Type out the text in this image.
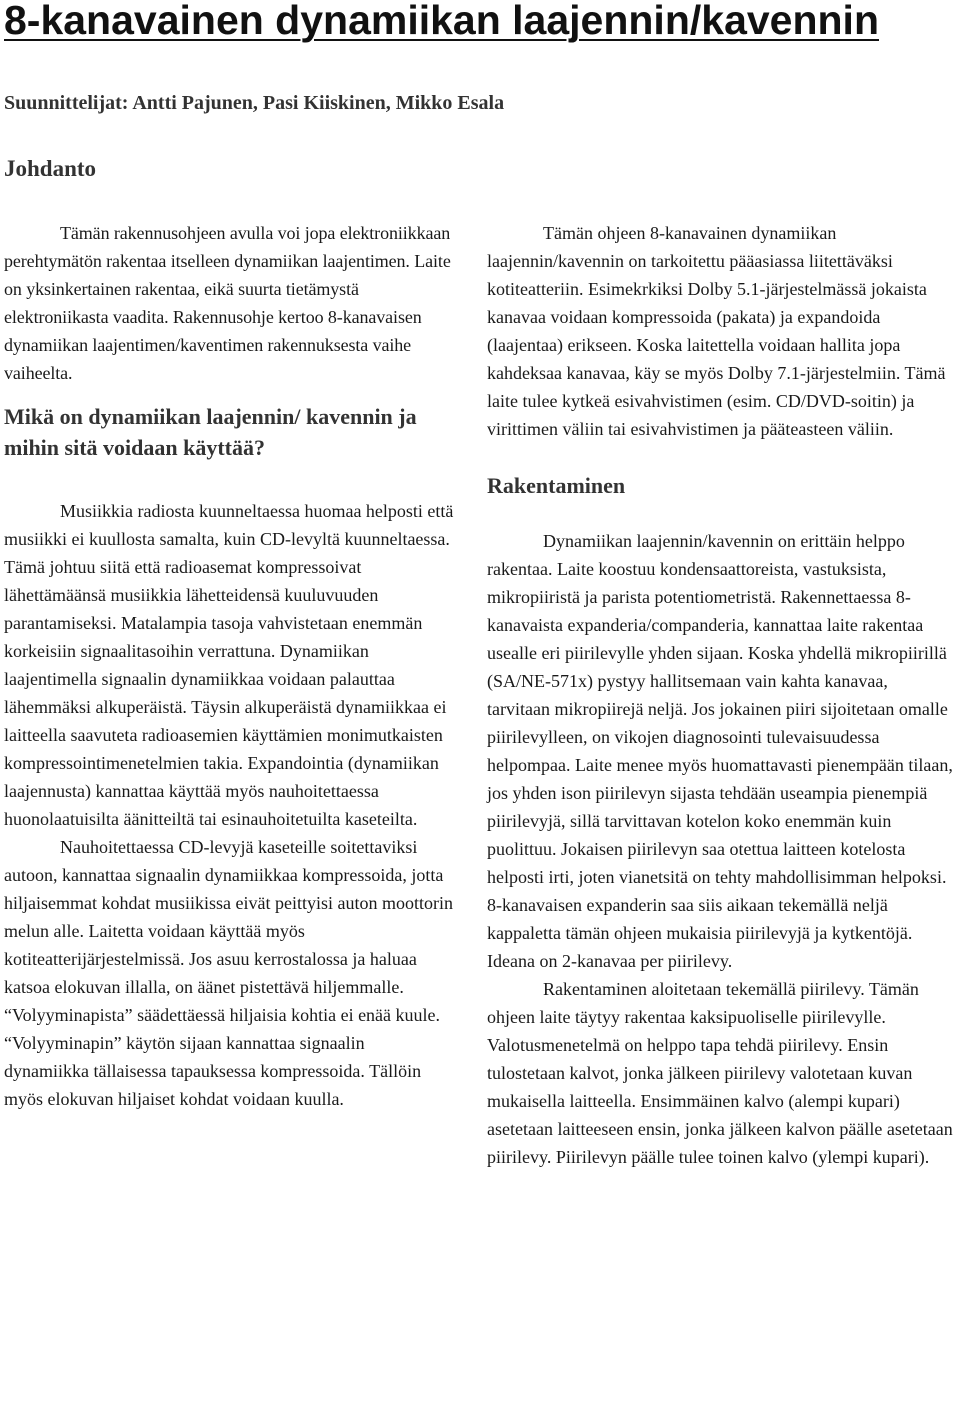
8-kanavainen dynamiikan laajennin/kavennin
Suunnittelijat: Antti Pajunen, Pasi Kiiskinen, Mikko Esala
Johdanto

Tämän rakennusohjeen avulla voi jopa elektroniikkaan perehtymätön rakentaa itselleen dynamiikan laajentimen. Laite on yksinkertainen rakentaa, eikä suurta tietämystä elektroniikasta vaadita. Rakennusohje kertoo 8-kanavaisen dynamiikan laajentimen/kaventimen rakennuksesta vaihe vaiheelta.

Mikä on dynamiikan laajennin/ kavennin ja mihin sitä voidaan käyttää?

Musiikkia radiosta kuunneltaessa huomaa helposti että musiikki ei kuullosta samalta, kuin CD-levyltä kuunneltaessa. Tämä johtuu siitä että radioasemat kompressoivat lähettämäänsä musiikkia lähetteidensä kuuluvuuden parantamiseksi. Matalampia tasoja vahvistetaan enemmän korkeisiin signaalitasoihin verrattuna. Dynamiikan laajentimella signaalin dynamiikkaa voidaan palauttaa lähemmäksi alkuperäistä. Täysin alkuperäistä dynamiikkaa ei laitteella saavuteta radioasemien käyttämien monimutkaisten kompressointimenetelmien takia. Expandointia (dynamiikan laajennusta) kannattaa käyttää myös nauhoitettaessa huonolaatuisilta äänitteiltä tai esinauhoitetuilta kaseteilta.

Nauhoitettaessa CD-levyjä kaseteille soitettaviksi autoon, kannattaa signaalin dynamiikkaa kompressoida, jotta hiljaisemmat kohdat musiikissa eivät peittyisi auton moottorin melun alle. Laitetta voidaan käyttää myös kotiteatterijärjestelmissä. Jos asuu kerrostalossa ja haluaa katsoa elokuvan illalla, on äänet pistettävä hiljemmalle. “Volyyminapista” säädettäessä hiljaisia kohtia ei enää kuule. “Volyyminapin” käytön sijaan kannattaa signaalin dynamiikka tällaisessa tapauksessa kompressoida. Tällöin myös elokuvan hiljaiset kohdat voidaan kuulla.

Tämän ohjeen 8-kanavainen dynamiikan laajennin/kavennin on tarkoitettu pääasiassa liitettäväksi kotiteatteriin. Esimekrkiksi Dolby 5.1-järjestelmässä jokaista kanavaa voidaan kompressoida (pakata) ja expandoida (laajentaa) erikseen. Koska laitettella voidaan hallita jopa kahdeksaa kanavaa, käy se myös Dolby 7.1-järjestelmiin. Tämä laite tulee kytkeä esivahvistimen (esim. CD/DVD-soitin) ja virittimen väliin tai esivahvistimen ja pääteasteen väliin.

Rakentaminen

Dynamiikan laajennin/kavennin on erittäin helppo rakentaa. Laite koostuu kondensaattoreista, vastuksista, mikropiiristä ja parista potentiometristä. Rakennettaessa 8-kanavaista expanderia/companderia, kannattaa laite rakentaa usealle eri piirilevylle yhden sijaan. Koska yhdellä mikropiirillä (SA/NE-571x) pystyy hallitsemaan vain kahta kanavaa, tarvitaan mikropiirejä neljä. Jos jokainen piiri sijoitetaan omalle piirilevylleen, on vikojen diagnosointi tulevaisuudessa helpompaa. Laite menee myös huomattavasti pienempään tilaan, jos yhden ison piirilevyn sijasta tehdään useampia pienempiä piirilevyjä, sillä tarvittavan kotelon koko enemmän kuin puolittuu. Jokaisen piirilevyn saa otettua laitteen kotelosta helposti irti, joten vianetsitä on tehty mahdollisimman helpoksi. 8-kanavaisen expanderin saa siis aikaan tekemällä neljä kappaletta tämän ohjeen mukaisia piirilevyjä ja kytkentöjä. Ideana on 2-kanavaa per piirilevy.

Rakentaminen aloitetaan tekemällä piirilevy. Tämän ohjeen laite täytyy rakentaa kaksipuoliselle piirilevylle. Valotusmenetelmä on helppo tapa tehdä piirilevy. Ensin tulostetaan kalvot, jonka jälkeen piirilevy valotetaan kuvan mukaisella laitteella. Ensimmäinen kalvo (alempi kupari) asetetaan laitteeseen ensin, jonka jälkeen kalvon päälle asetetaan piirilevy. Piirilevyn päälle tulee toinen kalvo (ylempi kupari).
